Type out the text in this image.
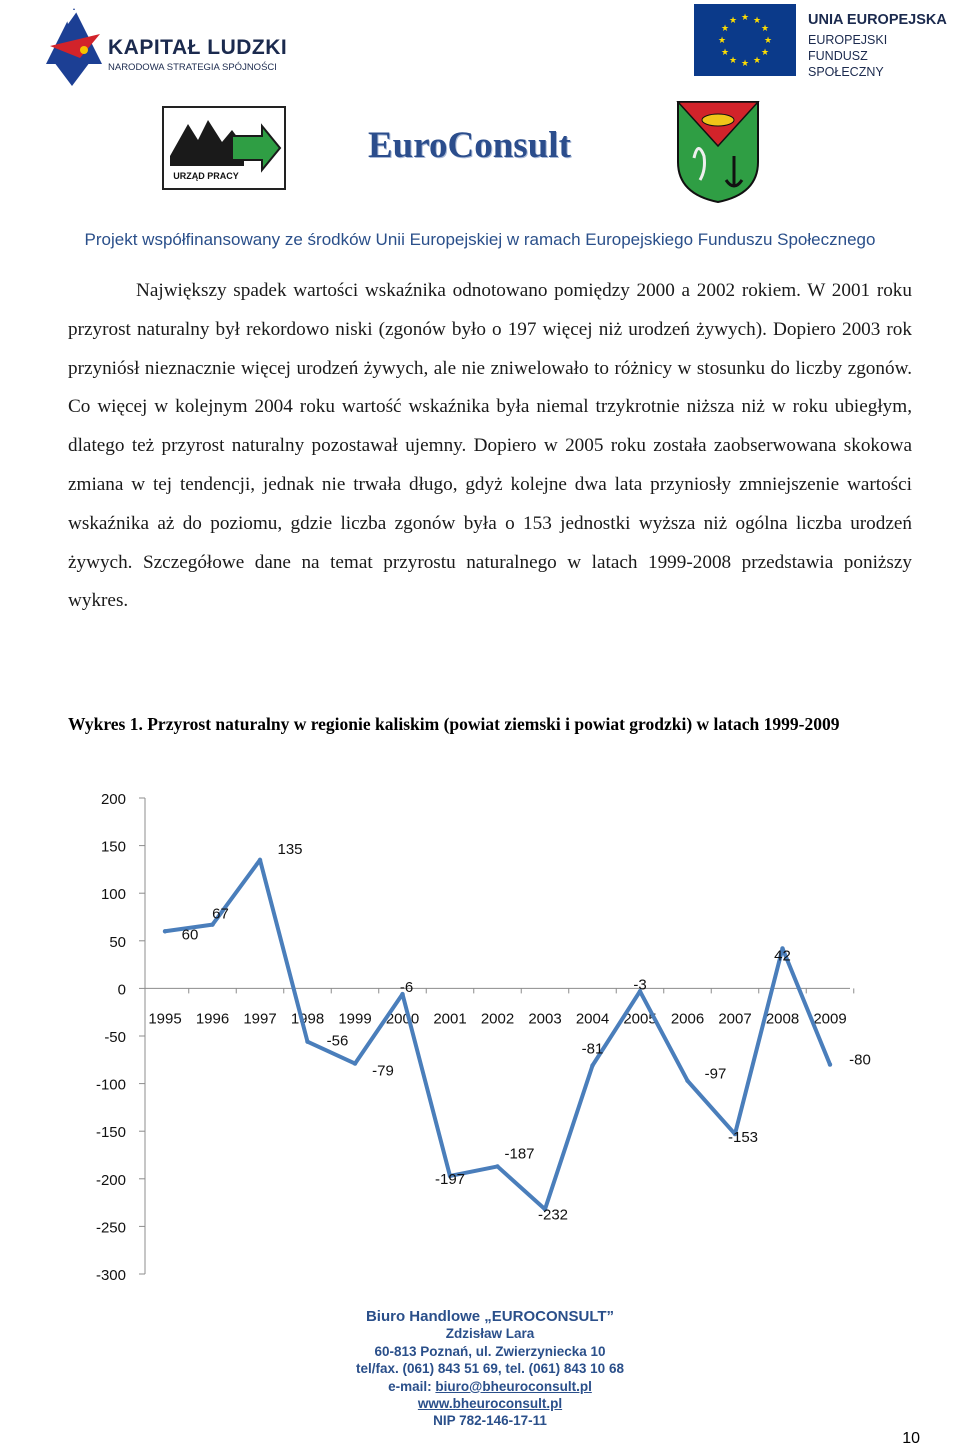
KAPITAŁ LUDZKI
NARODOWA STRATEGIA SPÓJNOŚCI
★ ★
★
★
★
★
★
★
★
★
★
★	UNIA EUROPEJSKA
EUROPEJSKI
FUNDUSZ SPOŁECZNY
URZĄD PRACY
EuroConsult
Projekt współfinansowany ze środków Unii Europejskiej w ramach Europejskiego Funduszu Społecznego

Największy spadek wartości wskaźnika odnotowano pomiędzy 2000 a 2002 rokiem. W 2001 roku przyrost naturalny był rekordowo niski (zgonów było o 197 więcej niż urodzeń żywych). Dopiero 2003 rok przyniósł nieznacznie więcej urodzeń żywych, ale nie zniwelowało to różnicy w stosunku do liczby zgonów. Co więcej w kolejnym 2004 roku wartość wskaźnika była niemal trzykrotnie niższa niż w roku ubiegłym, dlatego też przyrost naturalny pozostawał ujemny. Dopiero w 2005 roku została zaobserwowana skokowa zmiana w tej tendencji, jednak nie trwała długo, gdyż kolejne dwa lata przyniosły zmniejszenie wartości wskaźnika aż do poziomu, gdzie liczba zgonów była o 153 jednostki wyższa niż ogólna liczba urodzeń żywych. Szczegółowe dane na temat przyrostu naturalnego w latach 1999-2008 przedstawia poniższy wykres.

Wykres 1. Przyrost naturalny w regionie kaliskim (powiat ziemski i powiat grodzki) w latach 1999-2009
200
150
100
50
0
-50
-100
-150
-200
-250
-300
1995 1996 1997 1998 1999 2000 2001 2002 2003 2004 2005 2006 2007 2008 2009
60
67
135
-56
-79
-6
-197
-187
-232
-81
-3
-97
-153
42
-80
Biuro Handlowe „EUROCONSULT”
Zdzisław Lara
60-813 Poznań, ul. Zwierzyniecka 10
tel/fax. (061) 843 51 69, tel. (061) 843 10 68
e-mail: biuro@bheuroconsult.pl
www.bheuroconsult.pl
NIP 782-146-17-11
10
